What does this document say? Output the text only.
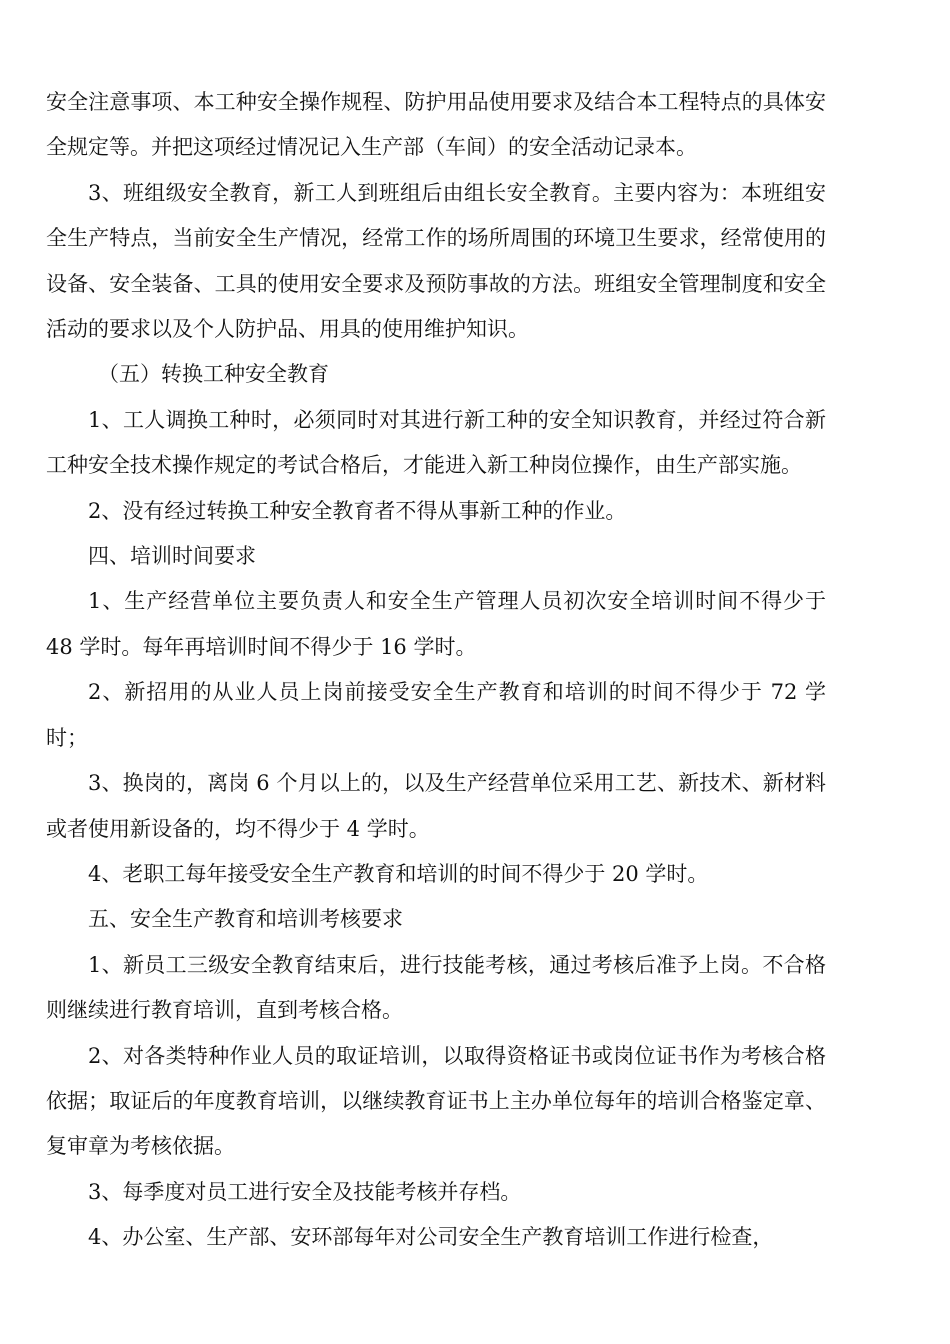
安全注意事项、本工种安全操作规程、防护用品使用要求及结合本工程特点的具体安全规定等。并把这项经过情况记入生产部（车间）的安全活动记录本。

3、班组级安全教育，新工人到班组后由组长安全教育。主要内容为：本班组安全生产特点，当前安全生产情况，经常工作的场所周围的环境卫生要求，经常使用的设备、安全装备、工具的使用安全要求及预防事故的方法。班组安全管理制度和安全活动的要求以及个人防护品、用具的使用维护知识。

（五）转换工种安全教育

1、工人调换工种时，必须同时对其进行新工种的安全知识教育，并经过符合新工种安全技术操作规定的考试合格后，才能进入新工种岗位操作，由生产部实施。

2、没有经过转换工种安全教育者不得从事新工种的作业。

四、培训时间要求

1、生产经营单位主要负责人和安全生产管理人员初次安全培训时间不得少于 48 学时。每年再培训时间不得少于 16 学时。

2、新招用的从业人员上岗前接受安全生产教育和培训的时间不得少于 72 学时；

3、换岗的，离岗 6 个月以上的，以及生产经营单位采用工艺、新技术、新材料或者使用新设备的，均不得少于 4 学时。

4、老职工每年接受安全生产教育和培训的时间不得少于 20 学时。

五、安全生产教育和培训考核要求

1、新员工三级安全教育结束后，进行技能考核，通过考核后准予上岗。不合格则继续进行教育培训，直到考核合格。

2、对各类特种作业人员的取证培训，以取得资格证书或岗位证书作为考核合格依据；取证后的年度教育培训，以继续教育证书上主办单位每年的培训合格鉴定章、复审章为考核依据。

3、每季度对员工进行安全及技能考核并存档。

4、办公室、生产部、安环部每年对公司安全生产教育培训工作进行检查，
